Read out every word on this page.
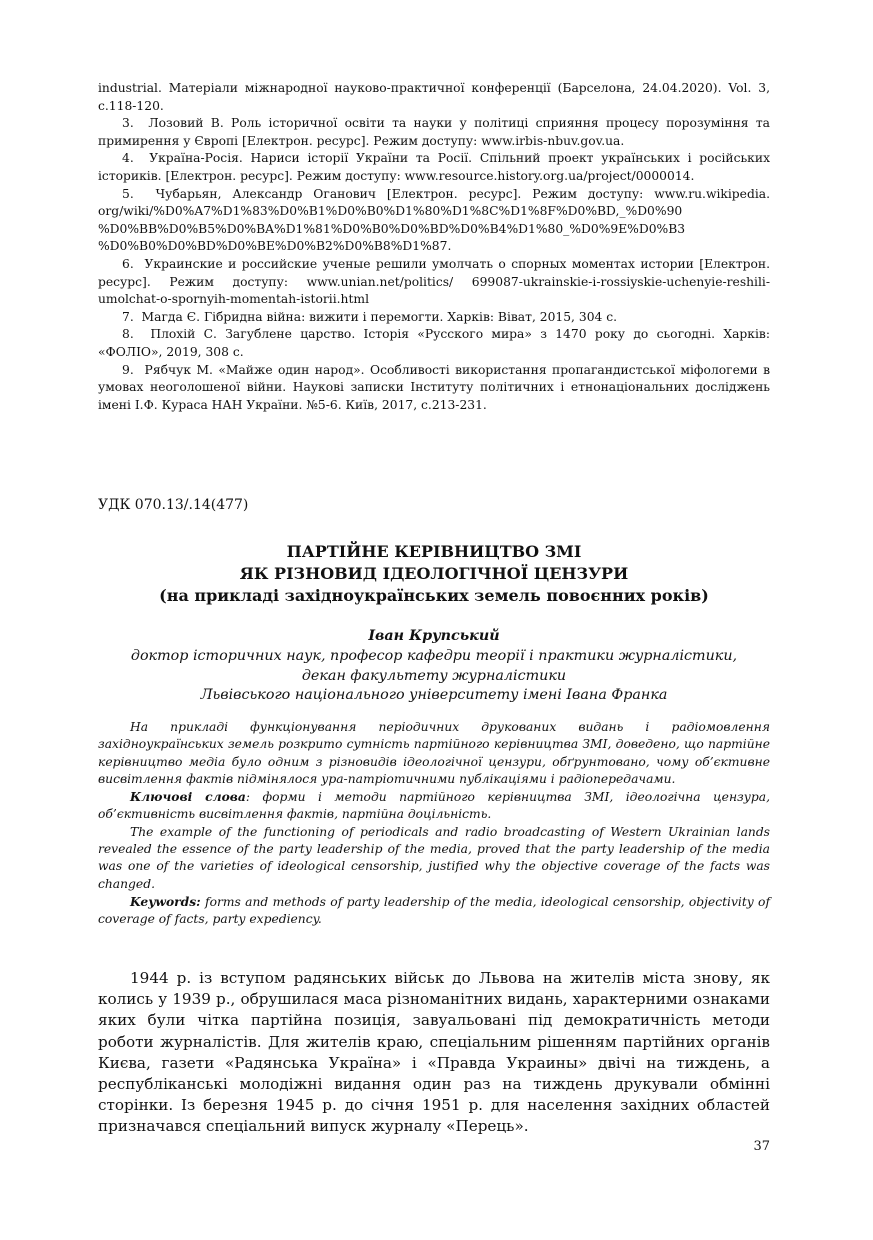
industrial. Матеріали міжнародної науково-практичної конференції (Барселона, 24.04.2020). Vol. 3, c.118-120.

3.  Лозовий В. Роль історичної освіти та науки у політиці сприяння процесу порозуміння та примирення у Європі [Електрон. ресурс]. Режим доступу: www.irbis-nbuv.gov.ua.

4.  Україна-Росія. Нариси історії України та Росії. Спільний проект українських і російських істориків. [Електрон. ресурс]. Режим доступу: www.resource.history.org.ua/project/0000014.

5.  Чубарьян, Александр Оганович [Електрон. ресурс]. Режим доступу: www.ru.wikipedia. org/wiki/%D0%A7%D1%83%D0%B1%D0%B0%D1%80%D1%8C%D1%8F%D0%BD,_%D0%90 %D0%BB%D0%B5%D0%BA%D1%81%D0%B0%D0%BD%D0%B4%D1%80_%D0%9E%D0%B3 %D0%B0%D0%BD%D0%BE%D0%B2%D0%B8%D1%87.

6.  Украинские и российские ученые решили умолчать о спорных моментах истории [Електрон. ресурс]. Режим доступу: www.unian.net/politics/ 699087-ukrainskie-i-rossiyskie-uchenyie-reshili-umolchat-o-spornyih-momentah-istorii.html

7.  Магда Є. Гібридна війна: вижити і перемогти. Харків: Віват, 2015, 304 с.

8.  Плохій С. Загублене царство. Історія «Русского мира» з 1470 року до сьогодні. Харків: «ФОЛІО», 2019, 308 с.

9.  Рябчук М. «Майже один народ». Особливості використання пропагандистської міфологеми в умовах неоголошеної війни. Наукові записки Інституту політичних і етнонаціональних досліджень імені І.Ф. Кураса НАН України. №5-6. Київ, 2017, с.213-231.

УДК 070.13/.14(477)
ПАРТІЙНЕ КЕРІВНИЦТВО ЗМІ
ЯК РІЗНОВИД ІДЕОЛОГІЧНОЇ ЦЕНЗУРИ
(на прикладі західноукраїнських земель повоєнних років)
Іван Крупський
доктор історичних наук, професор кафедри теорії і практики журналістики,
декан факультету журналістики
Львівського національного університету імені Івана Франка

На прикладі функціонування періодичних друкованих видань і радіомовлення західноукраїнських земель розкрито сутність партійного керівництва ЗМІ, доведено, що партійне керівництво медіа було одним з різновидів ідеологічної цензури, обґрунтовано, чому об’єктивне висвітлення фактів підмінялося ура-патріотичними публікаціями і радіопередачами.

Ключові слова: форми і методи партійного керівництва ЗМІ, ідеологічна цензура, об’єктивність висвітлення фактів, партійна доцільність.

The example of the functioning of periodicals and radio broadcasting of Western Ukrainian lands revealed the essence of the party leadership of the media, proved that the party leadership of the media was one of the varieties of ideological censorship, justified why the objective coverage of the facts was changed.

Keywords: forms and methods of party leadership of the media, ideological censorship, objectivity of coverage of facts, party expediency.

1944 р. із вступом радянських військ до Львова на жителів міста знову, як колись у 1939 р., обрушилася маса різноманітних видань, характерними ознаками яких були чітка партійна позиція, завуальовані під демократичність методи роботи журналістів. Для жителів краю, спеціальним рішенням партійних органів Києва, газети «Радянська Україна» і «Правда Украины» двічі на тиждень, а республіканські молодіжні видання один раз на тиждень друкували обмінні сторінки. Із березня 1945 р. до січня 1951 р. для населення західних областей призначався спеціальний випуск журналу «Перець».

37
